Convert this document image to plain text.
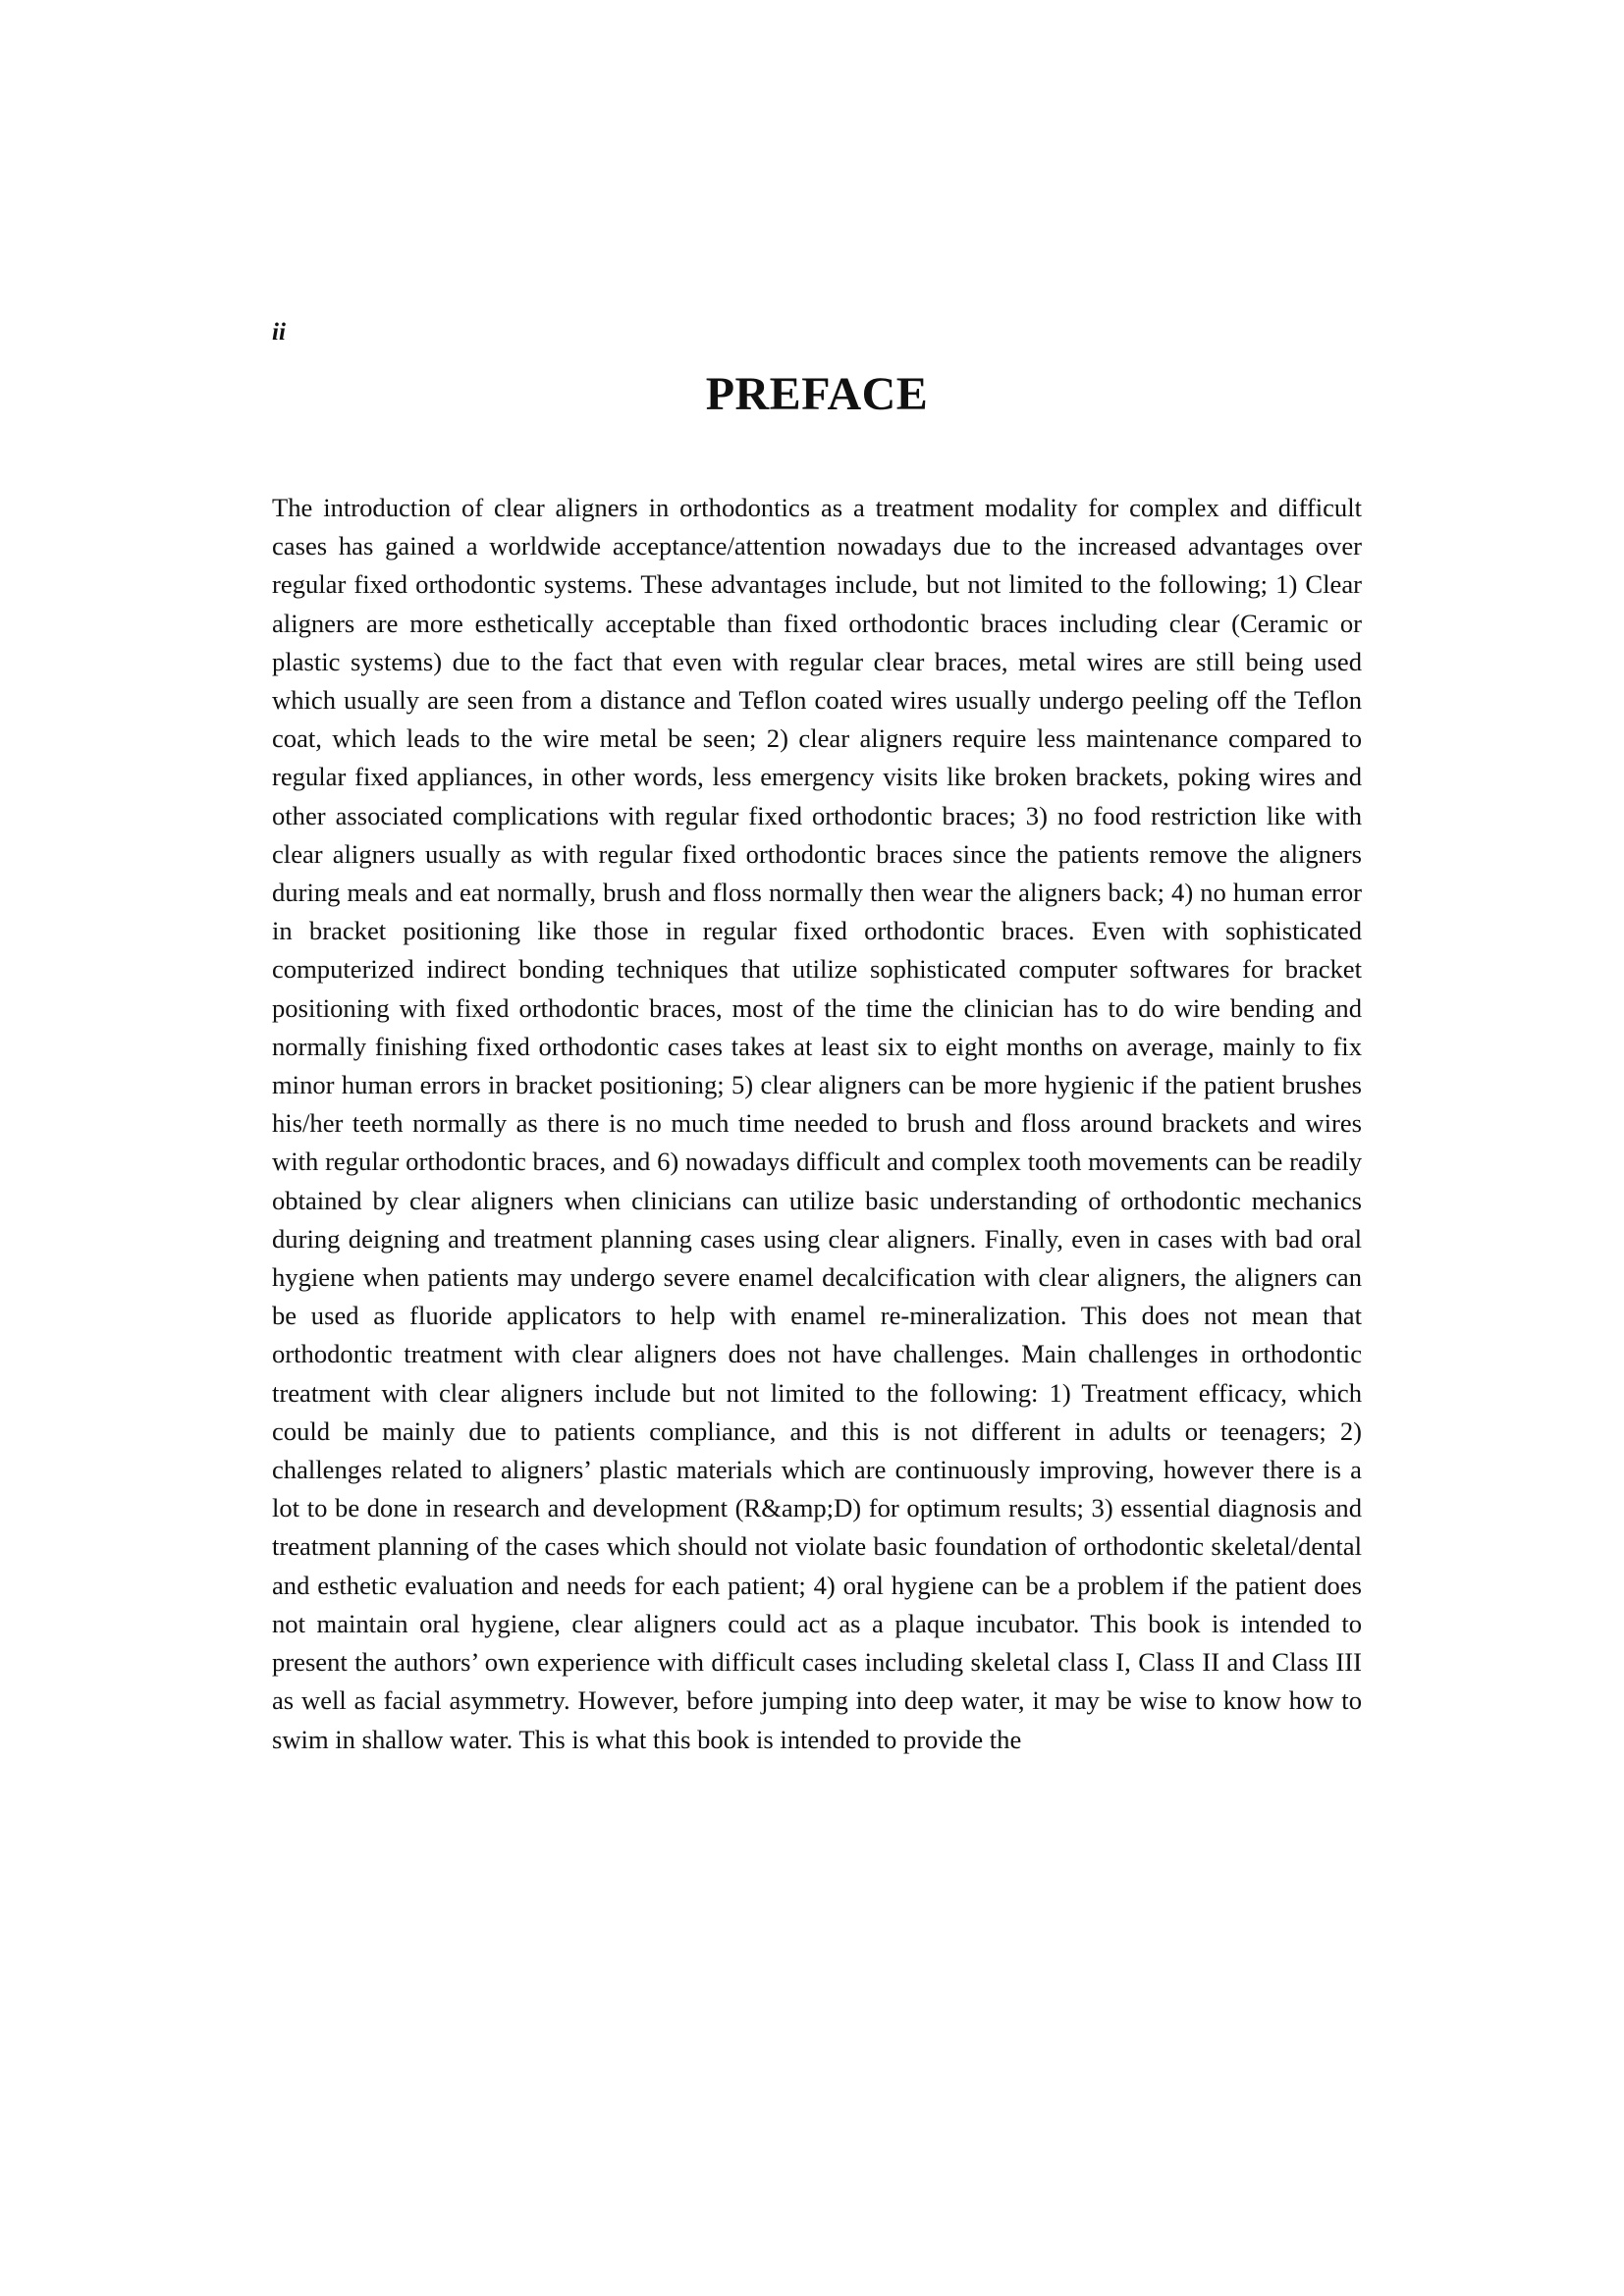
ii
PREFACE

The introduction of clear aligners in orthodontics as a treatment modality for complex and difficult cases has gained a worldwide acceptance/attention nowadays due to the increased advantages over regular fixed orthodontic systems. These advantages include, but not limited to the following; 1) Clear aligners are more esthetically acceptable than fixed orthodontic braces including clear (Ceramic or plastic systems) due to the fact that even with regular clear braces, metal wires are still being used which usually are seen from a distance and Teflon coated wires usually undergo peeling off the Teflon coat, which leads to the wire metal be seen; 2) clear aligners require less maintenance compared to regular fixed appliances, in other words, less emergency visits like broken brackets, poking wires and other associated complications with regular fixed orthodontic braces; 3) no food restriction like with clear aligners usually as with regular fixed orthodontic braces since the patients remove the aligners during meals and eat normally, brush and floss normally then wear the aligners back; 4) no human error in bracket positioning like those in regular fixed orthodontic braces. Even with sophisticated computerized indirect bonding techniques that utilize sophisticated computer softwares for bracket positioning with fixed orthodontic braces, most of the time the clinician has to do wire bending and normally finishing fixed orthodontic cases takes at least six to eight months on average, mainly to fix minor human errors in bracket positioning; 5) clear aligners can be more hygienic if the patient brushes his/her teeth normally as there is no much time needed to brush and floss around brackets and wires with regular orthodontic braces, and 6) nowadays difficult and complex tooth movements can be readily obtained by clear aligners when clinicians can utilize basic understanding of orthodontic mechanics during deigning and treatment planning cases using clear aligners. Finally, even in cases with bad oral hygiene when patients may undergo severe enamel decalcification with clear aligners, the aligners can be used as fluoride applicators to help with enamel re-mineralization. This does not mean that orthodontic treatment with clear aligners does not have challenges. Main challenges in orthodontic treatment with clear aligners include but not limited to the following: 1) Treatment efficacy, which could be mainly due to patients compliance, and this is not different in adults or teenagers; 2) challenges related to aligners’ plastic materials which are continuously improving, however there is a lot to be done in research and development (R&amp;D) for optimum results; 3) essential diagnosis and treatment planning of the cases which should not violate basic foundation of orthodontic skeletal/dental and esthetic evaluation and needs for each patient; 4) oral hygiene can be a problem if the patient does not maintain oral hygiene, clear aligners could act as a plaque incubator. This book is intended to present the authors’ own experience with difficult cases including skeletal class I, Class II and Class III as well as facial asymmetry. However, before jumping into deep water, it may be wise to know how to swim in shallow water. This is what this book is intended to provide the
